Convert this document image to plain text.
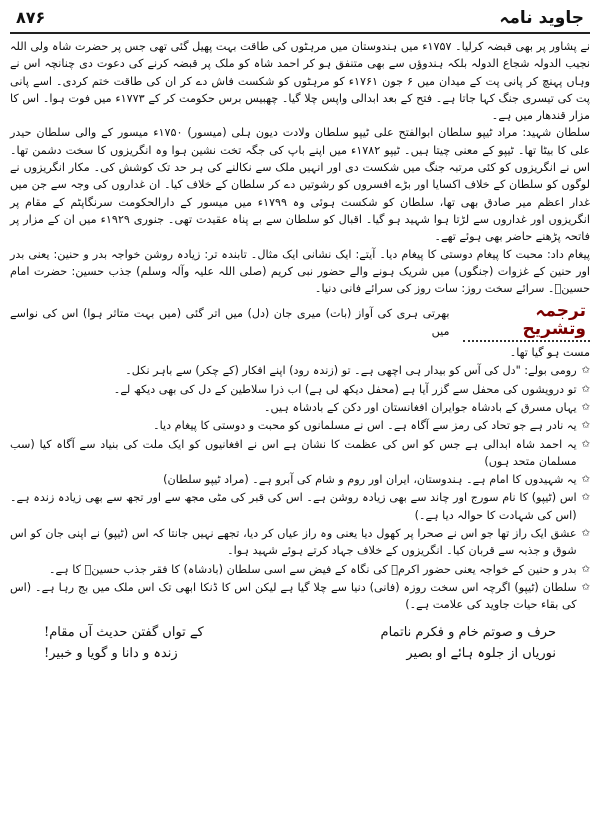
۸۷۶	جاوید نامہ

نے پشاور پر بھی قبضہ کرلیا۔ ۱۷۵۷ء میں ہندوستان میں مرہٹوں کی طاقت بہت پھیل گئی تھی جس پر حضرت شاہ ولی اللہ نجیب الدولہ شجاع الدولہ بلکہ ہندوؤں سے بھی متنفق ہو کر احمد شاہ کو ملک پر قبضہ کرنے کی دعوت دی چنانچہ اس نے وہاں پہنچ کر پانی پت کے میدان میں ۶ جون ۱۷۶۱ء کو مرہٹوں کو شکست فاش دے کر ان کی طاقت ختم کردی۔ اسے پانی پت کی تیسری جنگ کہا جاتا ہے۔ فتح کے بعد ابدالی واپس چلا گیا۔ چھبیس برس حکومت کر کے ۱۷۷۳ء میں فوت ہوا۔ اس کا مزار قندھار میں ہے۔

سلطان شہید: مراد ٹیپو سلطان ابوالفتح علی ٹیپو سلطان ولادت دیون ہلی (میسور) ۱۷۵۰ء میسور کے والی سلطان حیدر علی کا بیٹا تھا۔ ٹیپو کے معنی چیتا ہیں۔ ٹیپو ۱۷۸۲ء میں اپنے باپ کی جگہ تخت نشین ہوا وہ انگریزوں کا سخت دشمن تھا۔ اس نے انگریزوں کو کئی مرتبہ جنگ میں شکست دی اور انہیں ملک سے نکالنے کی ہر حد تک کوشش کی۔ مکار انگریزوں نے لوگوں کو سلطان کے خلاف اکسایا اور بڑے افسروں کو رشوتیں دے کر سلطان کے خلاف کیا۔ ان غداروں کی وجہ سے جن میں غدار اعظم میر صادق بھی تھا، سلطان کو شکست ہوئی وہ ۱۷۹۹ء میں میسور کے دارالحکومت سرنگاپٹم کے مقام پر انگریزوں اور غداروں سے لڑتا ہوا شہید ہو گیا۔ اقبال کو سلطان سے بے پناہ عقیدت تھی۔ جنوری ۱۹۲۹ء میں ان کے مزار پر فاتحہ پڑھنے حاضر بھی ہوئے تھے۔

پیغام داد: محبت کا پیغام دوستی کا پیغام دیا۔ آیتے: ایک نشانی ایک مثال۔ تابندہ تر: زیادہ روشن خواجہ بدر و حنین: یعنی بدر اور حنین کے غزوات (جنگوں) میں شریک ہونے والے حضور نبی کریم (صلی اللہ علیہ وآلہ وسلم) جذب حسین: حضرت امام حسینؓ۔ سرائے سخت روز: سات روز کی سرائے فانی دنیا۔

ترجمہ وتشریح
بھرتی ہری کی آواز (بات) میری جان (دل) میں اتر گئی (میں بہت متاثر ہوا) اس کی نواسے میں

مست ہو گیا تھا۔

✩
رومی بولے: "دل کی آس کو بیدار ہی اچھی ہے۔ تو (زندہ رود) اپنے افکار (کے چکر) سے باہر نکل۔
✩
تو درویشوں کی محفل سے گزر آیا ہے (محفل دیکھ لی ہے) اب ذرا سلاطین کے دل کی بھی دیکھ لے۔
✩
یہاں مسرق کے بادشاہ جوایران افغانستان اور دکن کے بادشاہ ہیں۔
✩
یہ نادر ہے جو تحاد کی رمز سے آگاہ ہے۔ اس نے مسلمانوں کو محبت و دوستی کا پیغام دیا۔
✩
یہ احمد شاہ ابدالی ہے جس کو اس کی عظمت کا نشان ہے اس نے افغانیوں کو ایک ملت کی بنیاد سے آگاہ کیا (سب مسلمان متحد ہوں)
✩
یہ شہیدوں کا امام ہے۔ ہندوستان، ایران اور روم و شام کی آبرو ہے۔ (مراد ٹیپو سلطان)
✩
اس (ٹیپو) کا نام سورج اور چاند سے بھی زیادہ روشن ہے۔ اس کی قبر کی مٹی مجھ سے اور تجھ سے بھی زیادہ زندہ ہے۔ (اس کی شہادت کا حوالہ دیا ہے۔)
✩
عشق ایک راز تھا جو اس نے صحرا پر کھول دیا یعنی وہ راز عیاں کر دیا، تجھے نہیں جانتا کہ اس (ٹیپو) نے اپنی جان کو اس شوق و جذبہ سے قربان کیا۔ انگریزوں کے خلاف جہاد کرتے ہوئے شہید ہوا۔
✩
بدر و حنین کے خواجہ یعنی حضور اکرمؐ کی نگاہ کے فیض سے اسی سلطان (بادشاہ) کا فقر جذب حسینؑ کا ہے۔
✩
سلطان (ٹیپو) اگرچہ اس سخت روزہ (فانی) دنیا سے چلا گیا ہے لیکن اس کا ڈنکا ابھی تک اس ملک میں بج رہا ہے۔ (اس کی بقاء حیات جاوید کی علامت ہے۔)
حرف و صوتم خام و فکرم ناتمام
کے تواں گفتن حدیث آں مقام!
نوریاں از جلوہ ہائے او بصیر
زندہ و دانا و گویا و خبیر!
